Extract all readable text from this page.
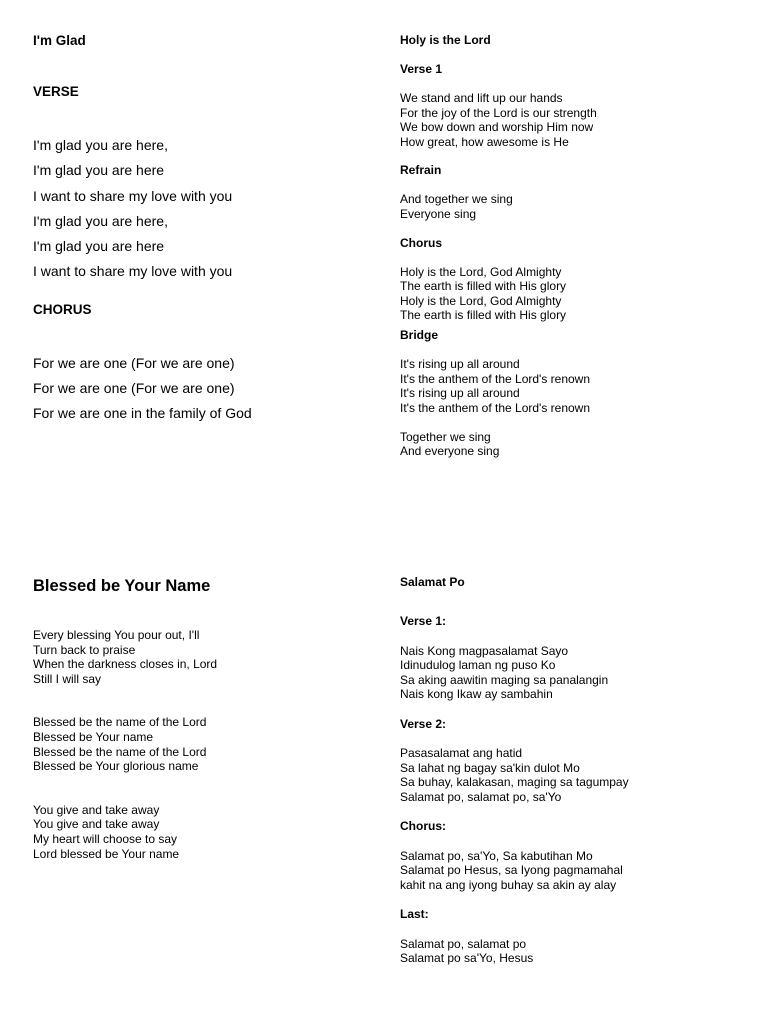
I'm Glad
VERSE
I'm glad you are here,
I'm glad you are here
I want to share my love with you
I'm glad you are here,
I'm glad you are here
I want to share my love with you
CHORUS
For we are one (For we are one)
For we are one (For we are one)
For we are one in the family of God
Holy is the Lord
Verse 1
We stand and lift up our hands
For the joy of the Lord is our strength
We bow down and worship Him now
How great, how awesome is He
Refrain
And together we sing
Everyone sing
Chorus
Holy is the Lord, God Almighty
The earth is filled with His glory
Holy is the Lord, God Almighty
The earth is filled with His glory
Bridge
It's rising up all around
It's the anthem of the Lord's renown
It's rising up all around
It's the anthem of the Lord's renown
Together we sing
And everyone sing
Blessed be Your Name
Every blessing You pour out, I'll
Turn back to praise
When the darkness closes in, Lord
Still I will say
Blessed be the name of the Lord
Blessed be Your name
Blessed be the name of the Lord
Blessed be Your glorious name
You give and take away
You give and take away
My heart will choose to say
Lord blessed be Your name
Salamat Po
Verse 1:
Nais Kong magpasalamat Sayo
Idinudulog laman ng puso Ko
Sa aking aawitin maging sa panalangin
Nais kong Ikaw ay sambahin
Verse 2:
Pasasalamat ang hatid
Sa lahat ng bagay sa'kin dulot Mo
Sa buhay, kalakasan, maging sa tagumpay
Salamat po, salamat po, sa'Yo
Chorus:
Salamat po, sa'Yo, Sa kabutihan Mo
Salamat po Hesus, sa Iyong pagmamahal
kahit na ang iyong buhay sa akin ay alay
Last:
Salamat po, salamat po
Salamat po sa'Yo, Hesus
